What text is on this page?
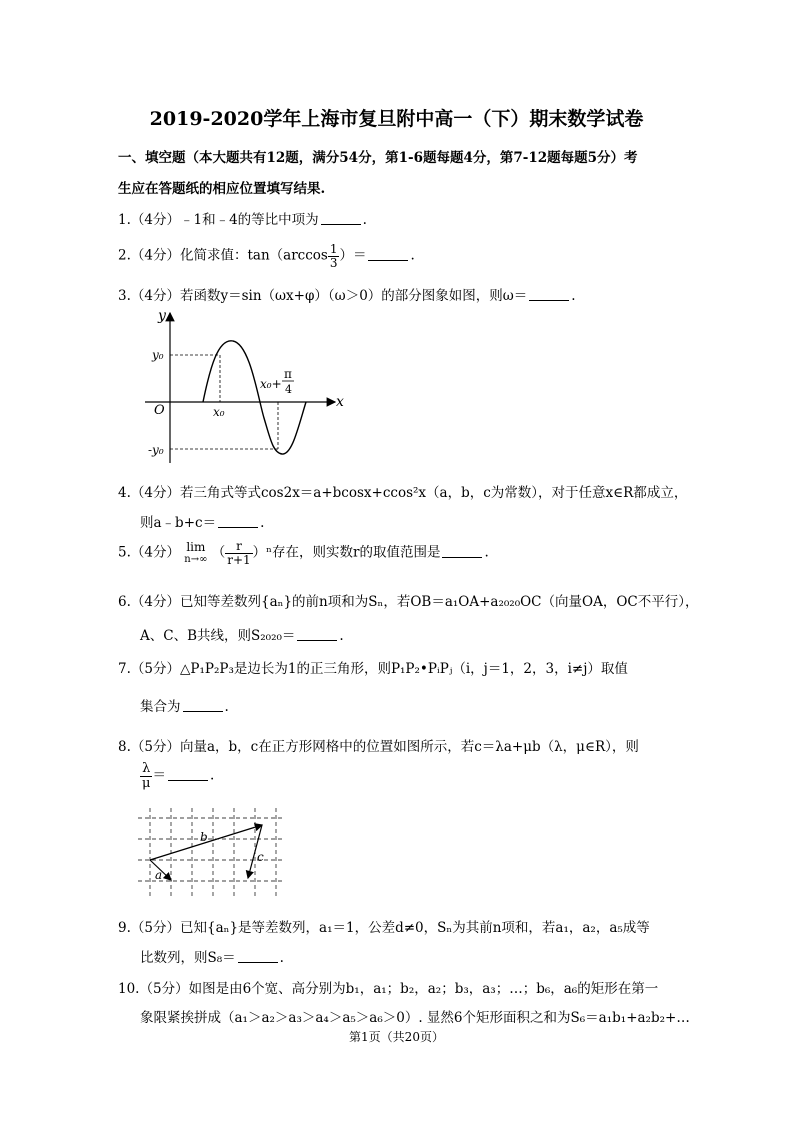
2019-2020学年上海市复旦附中高一（下）期末数学试卷
一、填空题（本大题共有12题，满分54分，第1-6题每题4分，第7-12题每题5分）考
生应在答题纸的相应位置填写结果.
1.（4分）﹣1和﹣4的等比中项为	.
2.（4分）化简求值：$\tan(\arccos \frac{1}{3}$ ）＝	.
3.（4分）若函数y＝sin（ωx+φ）（ω＞0）的部分图象如图，则ω＝	.
y
x
O
y₀
-y₀
x₀
x₀+
π
4
4.（4分）若三角式等式cos2x＝a+bcosx+ccos²x（a，b，c为常数），对于任意x∈R都成立，
则a﹣b+c＝	.
5.（4分） lim
n→∞ （ $\frac{r}{r+1} )^n$存在，则实数r的取值范围是	.
6.（4分）已知等差数列{aₙ}的前n项和为Sₙ，若OB＝a₁OA+a₂₀₂₀OC（向量OA，OC不平行），
A、C、B共线，则S₂₀₂₀＝	.
7.（5分）△P₁P₂P₃是边长为1的正三角形，则P₁P₂•PᵢPⱼ（i，j＝1，2，3，i≠j）取值
集合为	.
8.（5分）向量a，b，c在正方形网格中的位置如图所示，若c＝λa+μb（λ，μ∈R），则
$\frac{\lambda}{\mu}$ ＝	.
a
b
c
9.（5分）已知{aₙ}是等差数列，a₁＝1，公差d≠0，Sₙ为其前n项和，若a₁，a₂，a₅成等
比数列，则S₈＝	.
10.（5分）如图是由6个宽、高分别为b₁，a₁；b₂，a₂；b₃，a₃；…；b₆，a₆的矩形在第一
象限紧挨拼成（a₁＞a₂＞a₃＞a₄＞a₅＞a₆＞0）. 显然6个矩形面积之和为S₆＝a₁b₁+a₂b₂+…
第1页（共20页）
